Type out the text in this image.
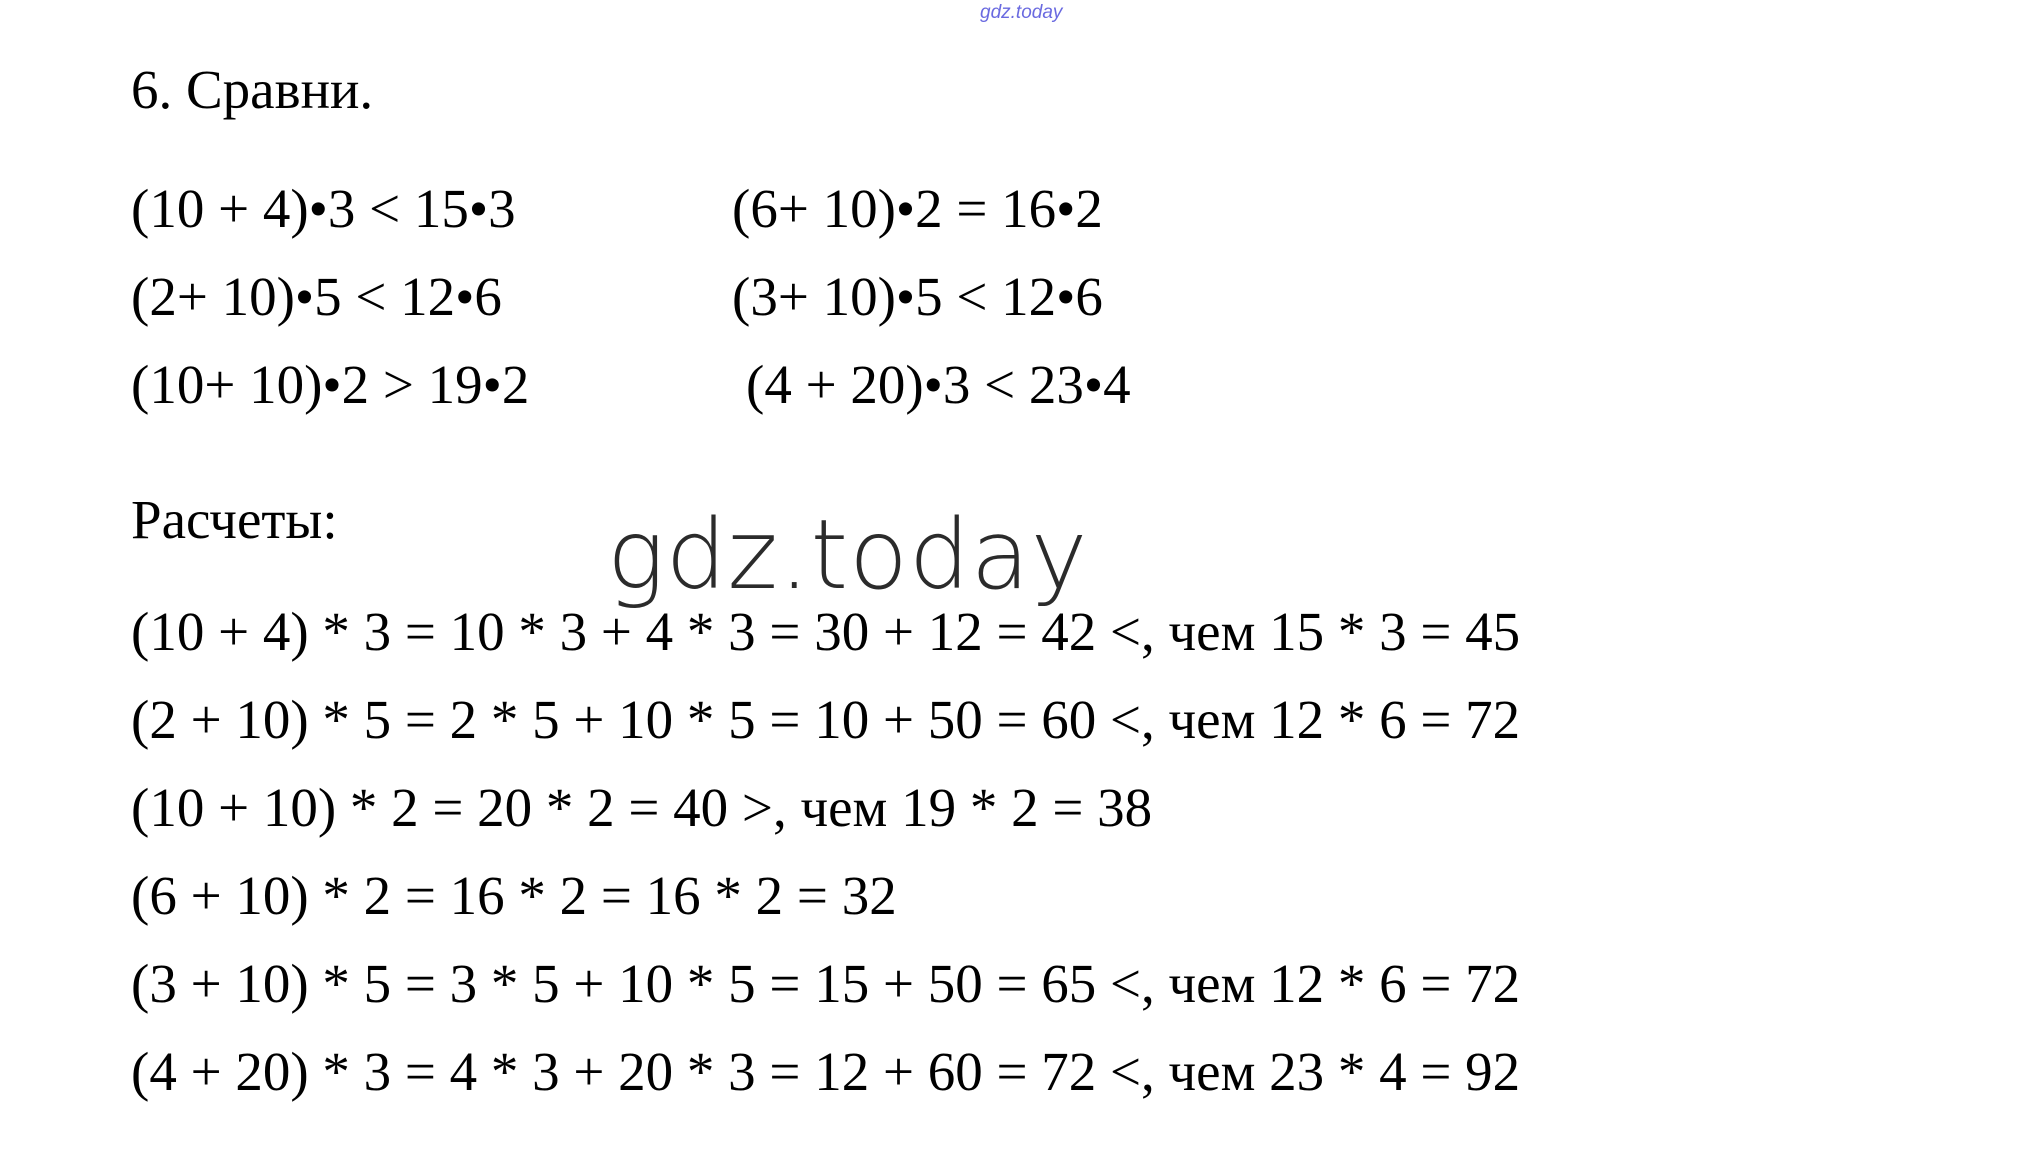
gdz.today
6. Сравни.
(10 + 4)•3 < 15•3
(2+ 10)•5 < 12•6
(10+ 10)•2 > 19•2
(6+ 10)•2 = 16•2
(3+ 10)•5 < 12•6
(4 + 20)•3 < 23•4
Расчеты:	gdz.today
(10 + 4) * 3 = 10 * 3 + 4 * 3 = 30 + 12 = 42 <, чем 15 * 3 = 45
(2 + 10) * 5 = 2 * 5 + 10 * 5 = 10 + 50 = 60 <, чем 12 * 6 = 72
(10 + 10) * 2 = 20 * 2 = 40 >, чем 19 * 2 = 38
(6 + 10) * 2 = 16 * 2 = 16 * 2 = 32
(3 + 10) * 5 = 3 * 5 + 10 * 5 = 15 + 50 = 65 <, чем 12 * 6 = 72
(4 + 20) * 3 = 4 * 3 + 20 * 3 = 12 + 60 = 72 <, чем 23 * 4 = 92
